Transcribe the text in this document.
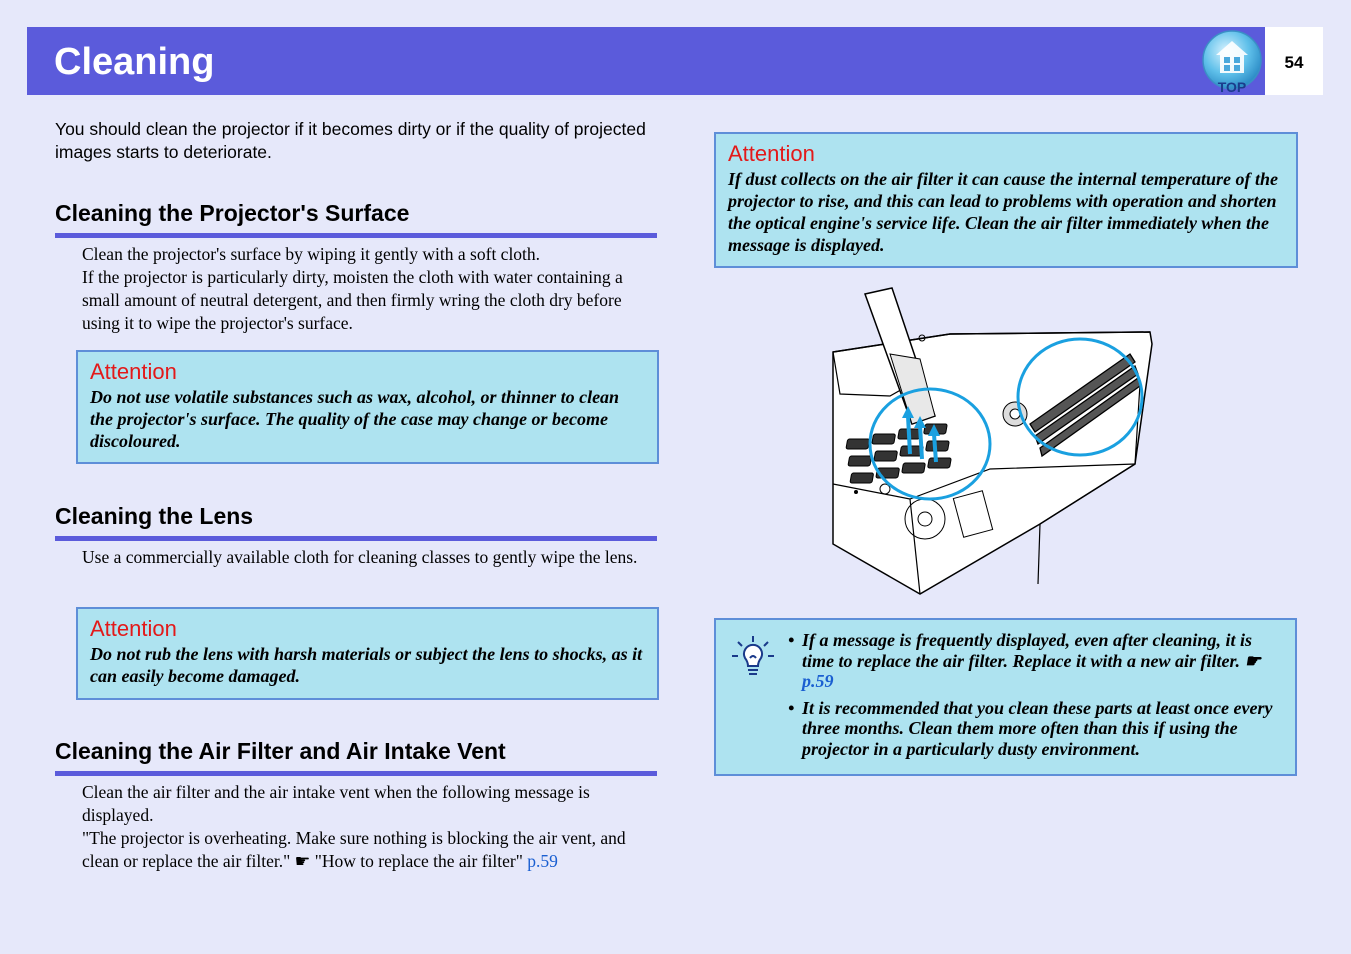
Cleaning	54
TOP
You should clean the projector if it becomes dirty or if the quality of projected images starts to deteriorate.
Cleaning the Projector's Surface

Clean the projector's surface by wiping it gently with a soft cloth.

If the projector is particularly dirty, moisten the cloth with water containing a small amount of neutral detergent, and then firmly wring the cloth dry before using it to wipe the projector's surface.

Attention
Do not use volatile substances such as wax, alcohol, or thinner to clean the projector's surface. The quality of the case may change or become discoloured.
Cleaning the Lens

Use a commercially available cloth for cleaning classes to gently wipe the lens.

Attention
Do not rub the lens with harsh materials or subject the lens to shocks, as it can easily become damaged.
Cleaning the Air Filter and Air Intake Vent

Clean the air filter and the air intake vent when the following message is displayed.

"The projector is overheating. Make sure nothing is blocking the air vent, and clean or replace the air filter." ☛ "How to replace the air filter" p.59

Attention
If dust collects on the air filter it can cause the internal temperature of the projector to rise, and this can lead to problems with operation and shorten the optical engine's service life. Clean the air filter immediately when the message is displayed.
• If a message is frequently displayed, even after cleaning, it is time to replace the air filter. Replace it with a new air filter. ☛ p.59
• It is recommended that you clean these parts at least once every three months. Clean them more often than this if using the projector in a particularly dusty environment.
